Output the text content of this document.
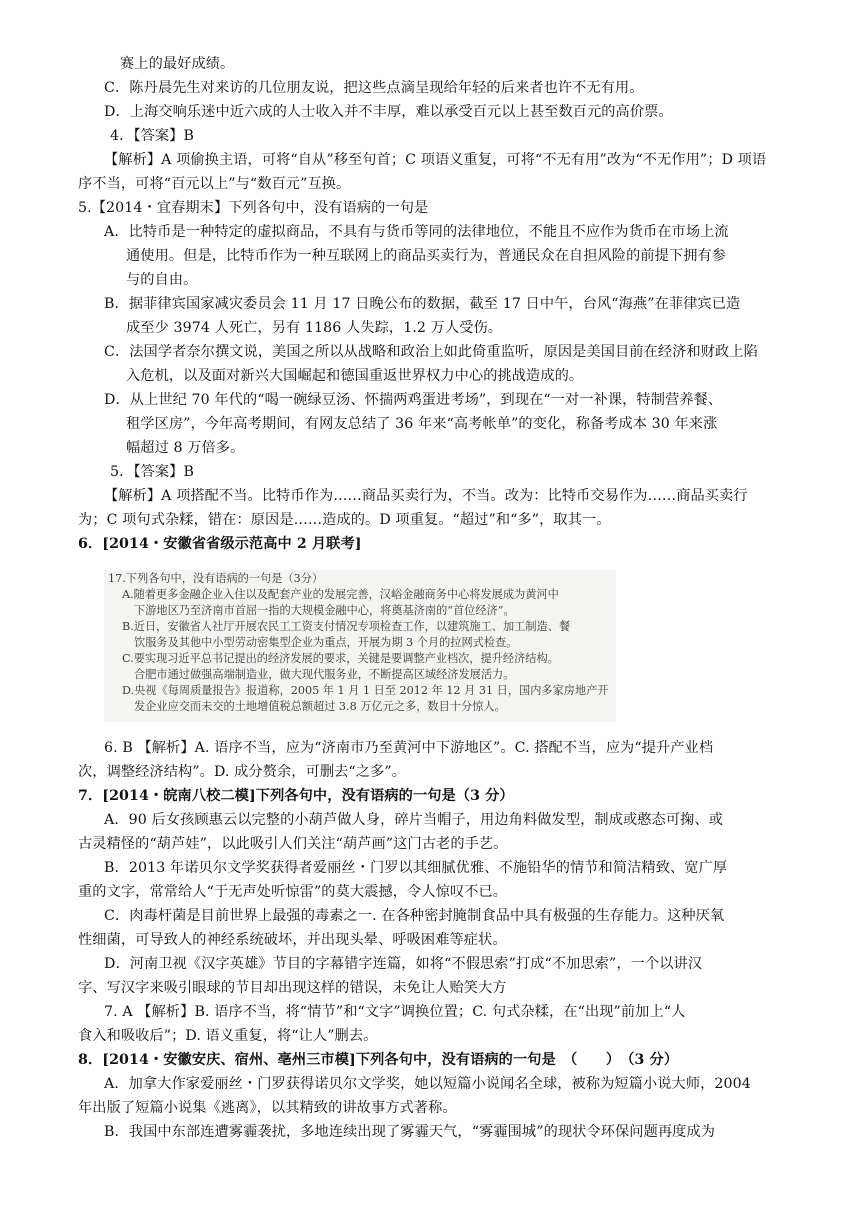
赛上的最好成绩。
C．陈丹晨先生对来访的几位朋友说，把这些点滴呈现给年轻的后来者也许不无有用。
D．上海交响乐迷中近六成的人士收入并不丰厚，难以承受百元以上甚至数百元的高价票。
4．【答案】B
【解析】A 项偷换主语，可将“自从”移至句首；C 项语义重复，可将“不无有用”改为“不无作用”；D 项语
序不当，可将“百元以上”与“数百元”互换。
5.【2014・宜春期末】下列各句中，没有语病的一句是
A．比特币是一种特定的虚拟商品，不具有与货币等同的法律地位，不能且不应作为货币在市场上流
通使用。但是，比特币作为一种互联网上的商品买卖行为，普通民众在自担风险的前提下拥有参
与的自由。
B．据菲律宾国家减灾委员会 11 月 17 日晚公布的数据，截至 17 日中午，台风“海燕”在菲律宾已造
成至少 3974 人死亡，另有 1186 人失踪，1.2 万人受伤。
C．法国学者奈尔撰文说，美国之所以从战略和政治上如此倚重监听，原因是美国目前在经济和财政上陷
入危机，以及面对新兴大国崛起和德国重返世界权力中心的挑战造成的。
D．从上世纪 70 年代的“喝一碗绿豆汤、怀揣两鸡蛋进考场”，到现在“一对一补课，特制营养餐、
租学区房”，今年高考期间，有网友总结了 36 年来“高考帐单”的变化，称备考成本 30 年来涨
幅超过 8 万倍多。
5．【答案】B
【解析】A 项搭配不当。比特币作为……商品买卖行为，不当。改为：比特币交易作为……商品买卖行
为；C 项句式杂糅，错在：原因是……造成的。D 项重复。“超过”和“多”，取其一。
6．[2014・安徽省省级示范高中 2 月联考]
17.下列各句中，没有语病的一句是（3分）
A.随着更多金融企业入住以及配套产业的发展完善，汉峪金融商务中心将发展成为黄河中
下游地区乃至济南市首屈一指的大规模金融中心，将奠基济南的“首位经济”。
B.近日，安徽省人社厅开展农民工工资支付情况专项检查工作，以建筑施工、加工制造、餐
饮服务及其他中小型劳动密集型企业为重点，开展为期 3 个月的拉网式检查。
C.要实现习近平总书记提出的经济发展的要求，关键是要调整产业档次，提升经济结构。
合肥市通过做强高端制造业，做大现代服务业，不断提高区域经济发展活力。
D.央视《每周质量报告》报道称，2005 年 1 月 1 日至 2012 年 12 月 31 日，国内多家房地产开
发企业应交而未交的土地增值税总额超过 3.8 万亿元之多，数目十分惊人。
6. B 【解析】A. 语序不当，应为“济南市乃至黄河中下游地区”。C. 搭配不当，应为“提升产业档
次，调整经济结构”。D. 成分赘余，可删去“之多”。
7．[2014・皖南八校二模]下列各句中，没有语病的一句是（3 分）
A．90 后女孩顾惠云以完整的小葫芦做人身，碎片当帽子，用边角料做发型，制成或憨态可掬、或
古灵精怪的“葫芦娃”，以此吸引人们关注“葫芦画”这门古老的手艺。
B．2013 年诺贝尔文学奖获得者爱丽丝・门罗以其细腻优雅、不施铅华的情节和简洁精致、宽广厚
重的文字，常常给人“于无声处听惊雷”的莫大震撼，令人惊叹不已。
C．肉毒杆菌是目前世界上最强的毒素之一. 在各种密封腌制食品中具有极强的生存能力。这种厌氧
性细菌，可导致人的神经系统破坏，并出现头晕、呼吸困难等症状。
D．河南卫视《汉字英雄》节目的字幕错字连篇，如将“不假思索”打成“不加思索”，一个以讲汉
字、写汉字来吸引眼球的节目却出现这样的错误，未免让人贻笑大方
7. A 【解析】B. 语序不当，将“情节”和“文字”调换位置；C. 句式杂糅，在“出现”前加上“人
食入和吸收后”；D. 语义重复，将“让人”删去。
8．[2014・安徽安庆、宿州、亳州三市模]下列各句中，没有语病的一句是　（　　）　（3 分）
A．加拿大作家爱丽丝・门罗获得诺贝尔文学奖，她以短篇小说闻名全球，被称为短篇小说大师，2004
年出版了短篇小说集《逃离》，以其精致的讲故事方式著称。
B．我国中东部连遭雾霾袭扰，多地连续出现了雾霾天气，“雾霾围城”的现状令环保问题再度成为
